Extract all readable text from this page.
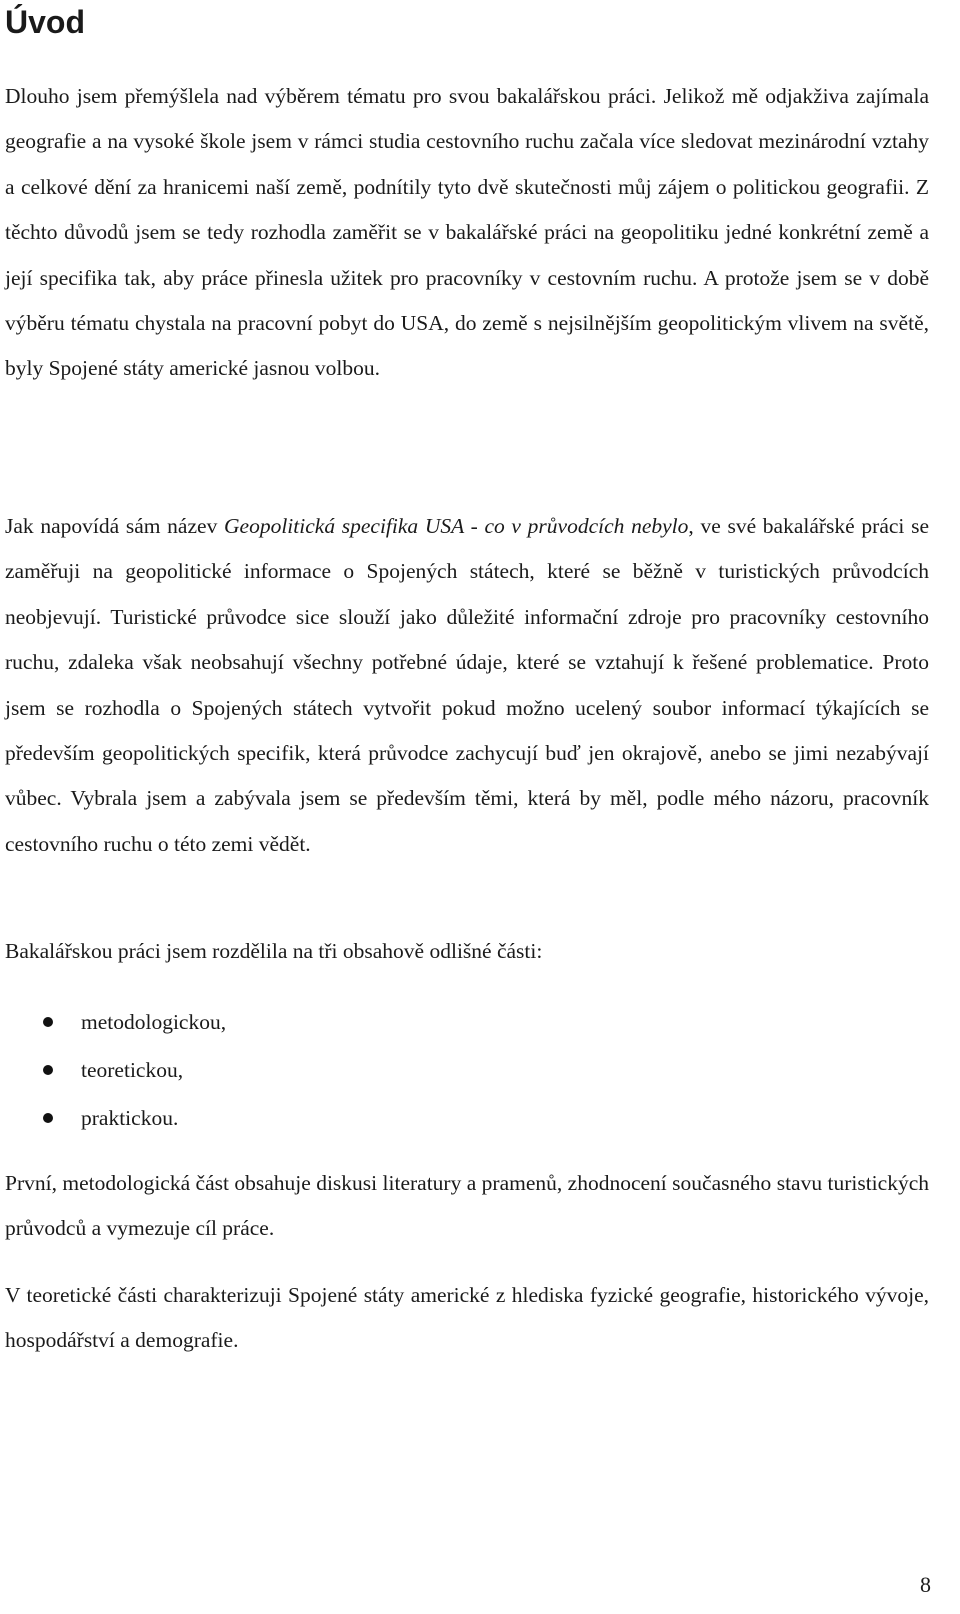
Úvod

Dlouho jsem přemýšlela nad výběrem tématu pro svou bakalářskou práci. Jelikož mě odjakživa zajímala geografie a na vysoké škole jsem v rámci studia cestovního ruchu začala více sledovat mezinárodní vztahy a celkové dění za hranicemi naší země, podnítily tyto dvě skutečnosti můj zájem o politickou geografii. Z těchto důvodů jsem se tedy rozhodla zaměřit se v bakalářské práci na geopolitiku jedné konkrétní země a její specifika tak, aby práce přinesla užitek pro pracovníky v cestovním ruchu. A protože jsem se v době výběru tématu chystala na pracovní pobyt do USA, do země s nejsilnějším geopolitickým vlivem na světě, byly Spojené státy americké jasnou volbou.

Jak napovídá sám název Geopolitická specifika USA - co v průvodcích nebylo, ve své bakalářské práci se zaměřuji na geopolitické informace o Spojených státech, které se běžně v turistických průvodcích neobjevují. Turistické průvodce sice slouží jako důležité informační zdroje pro pracovníky cestovního ruchu, zdaleka však neobsahují všechny potřebné údaje, které se vztahují k řešené problematice. Proto jsem se rozhodla o Spojených státech vytvořit pokud možno ucelený soubor informací týkajících se především geopolitických specifik, která průvodce zachycují buď jen okrajově, anebo se jimi nezabývají vůbec. Vybrala jsem a zabývala jsem se především těmi, která by měl, podle mého názoru, pracovník cestovního ruchu o této zemi vědět.

Bakalářskou práci jsem rozdělila na tři obsahově odlišné části:

metodologickou,
teoretickou,
praktickou.

První, metodologická část obsahuje diskusi literatury a pramenů, zhodnocení současného stavu turistických průvodců a vymezuje cíl práce.

V teoretické části charakterizuji Spojené státy americké z hlediska fyzické geografie, historického vývoje, hospodářství a demografie.

8
